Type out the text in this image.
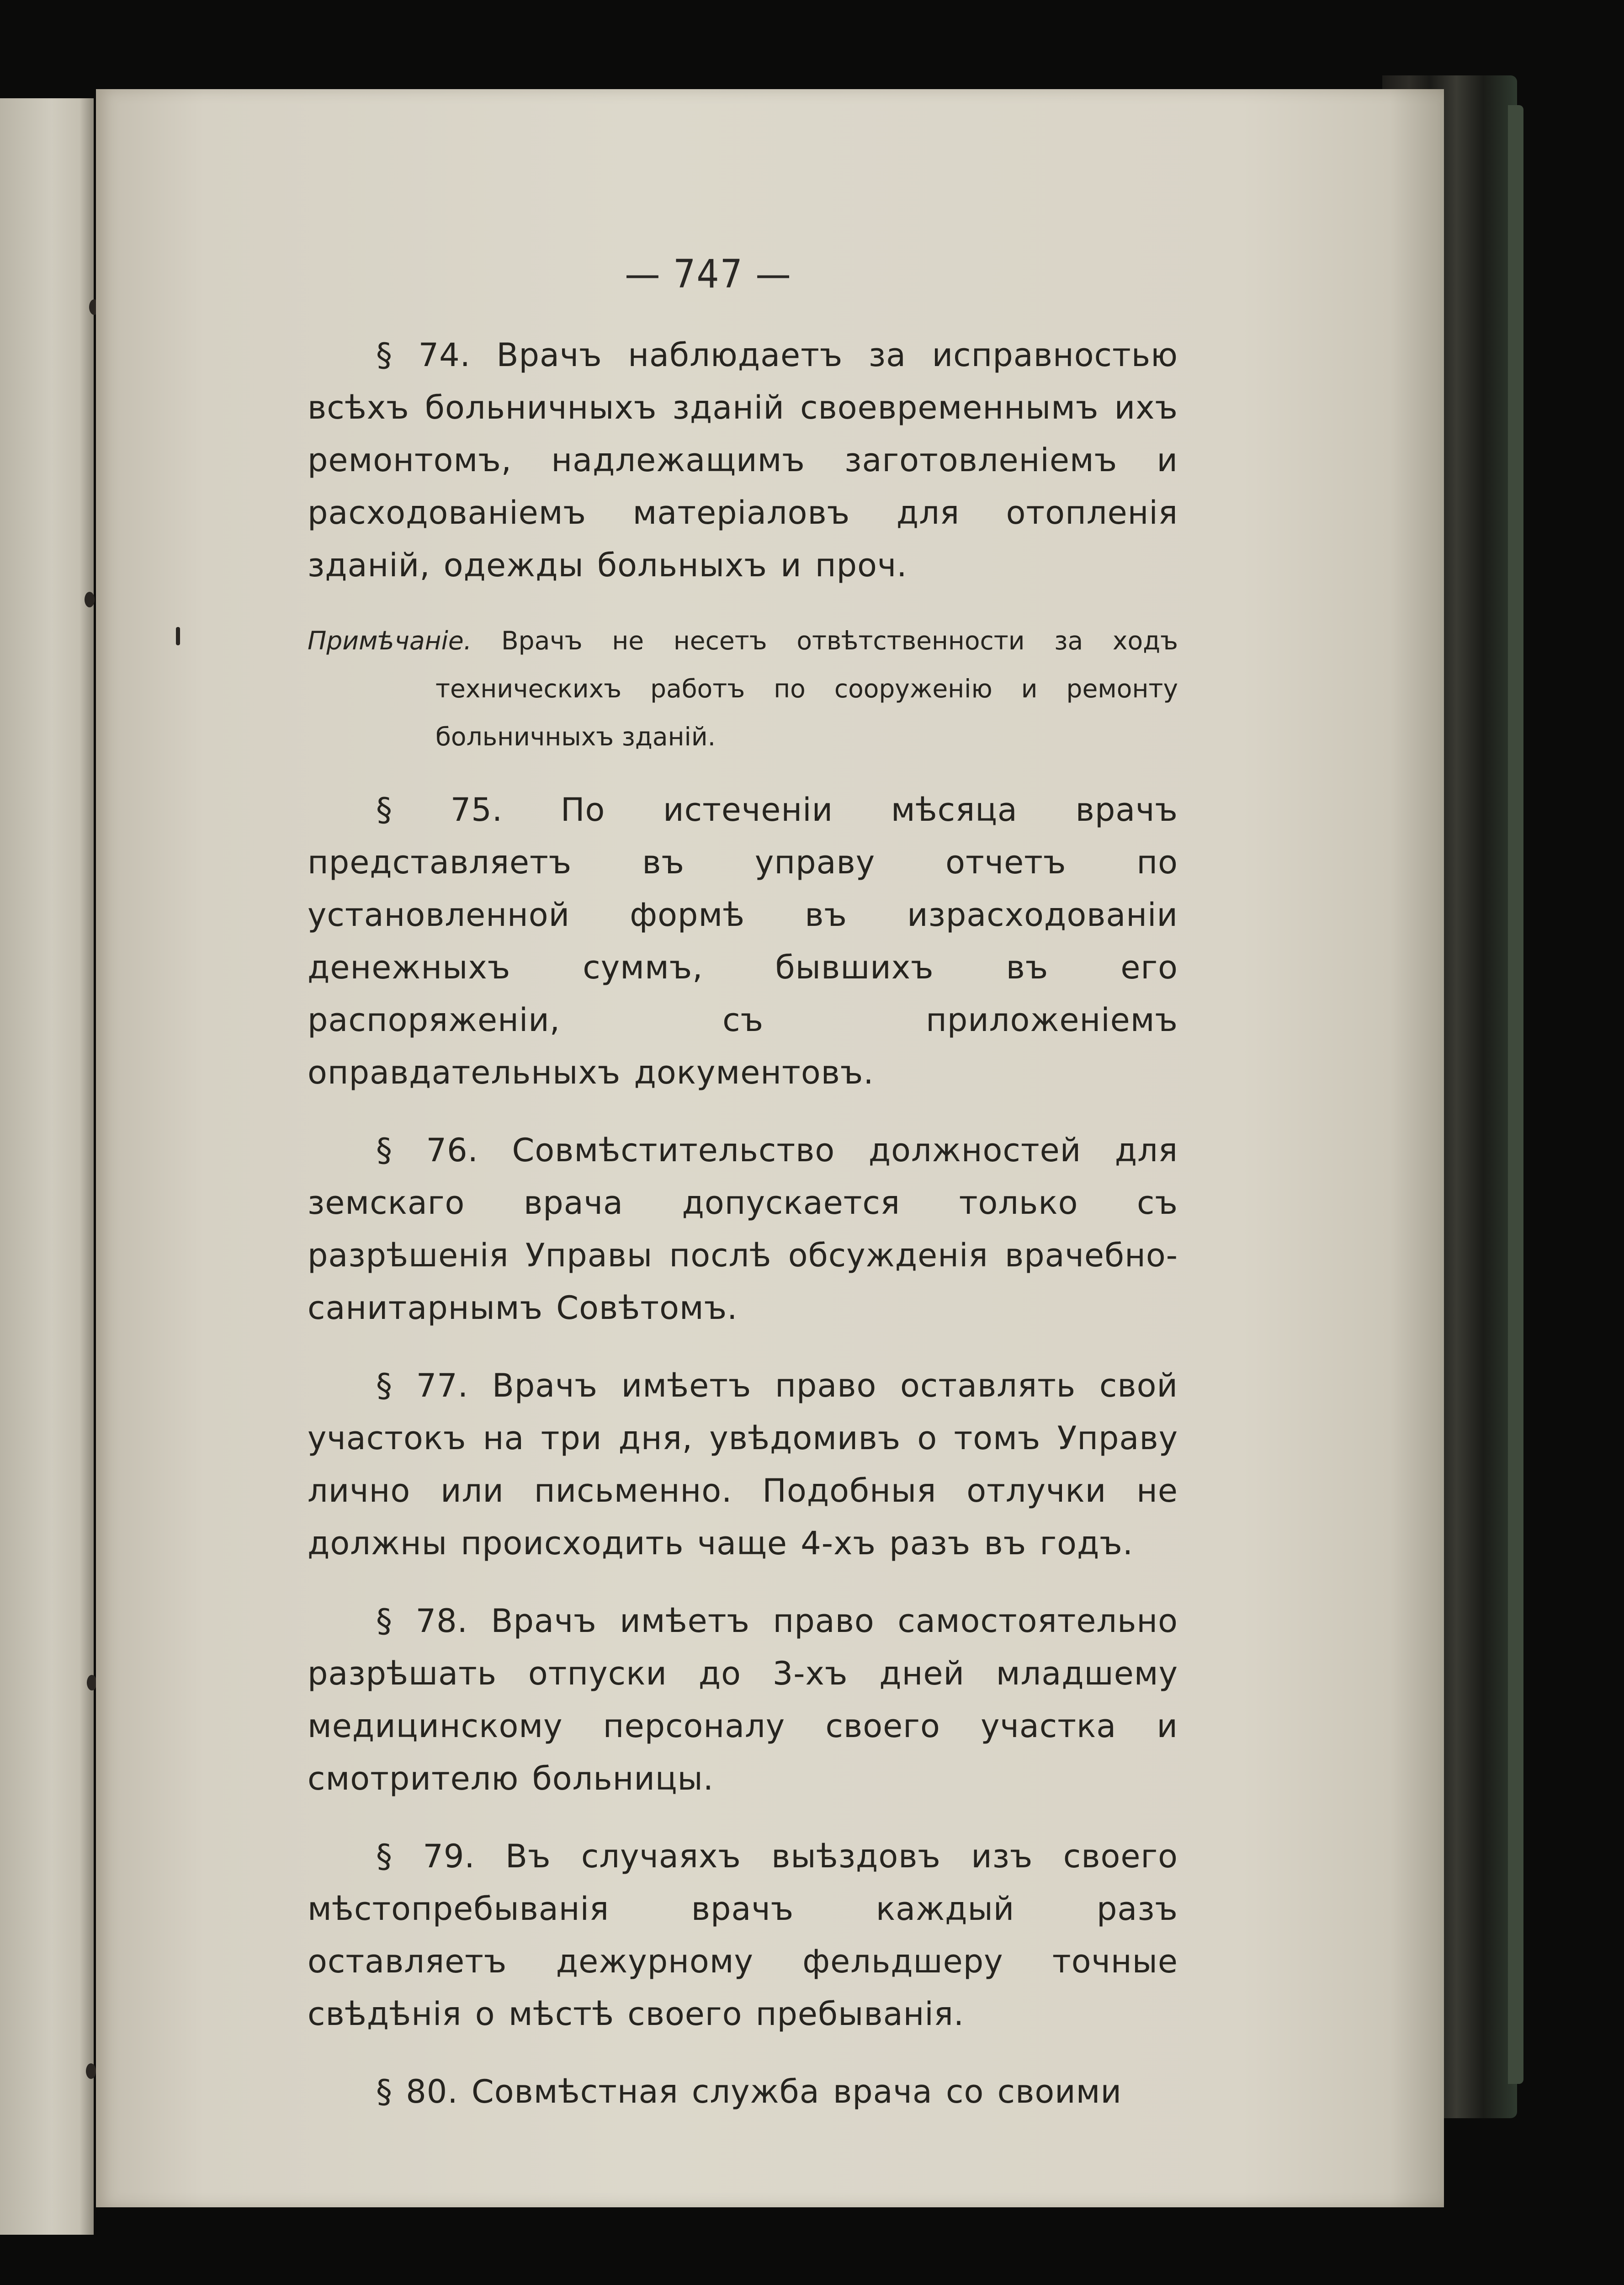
— 747 —

§ 74. Врачъ наблюдаетъ за исправностью всѣхъ больничныхъ зданій своевременнымъ ихъ ремонтомъ, надлежащимъ заготовленіемъ и расходованіемъ матеріаловъ для отопленія зданій, одежды больныхъ и проч.

Примѣчаніе. Врачъ не несетъ отвѣтственности за ходъ техническихъ работъ по сооруженію и ремонту больничныхъ зданій.

§ 75. По истеченіи мѣсяца врачъ представляетъ въ управу отчетъ по установленной формѣ въ израсходованіи денежныхъ суммъ, бывшихъ въ его распоряженіи, съ приложеніемъ оправдательныхъ документовъ.

§ 76. Совмѣстительство должностей для земскаго врача допускается только съ разрѣшенія Управы послѣ обсужденія врачебно-санитарнымъ Совѣтомъ.

§ 77. Врачъ имѣетъ право оставлять свой участокъ на три дня, увѣдомивъ о томъ Управу лично или письменно. Подобныя отлучки не должны происходить чаще 4-хъ разъ въ годъ.

§ 78. Врачъ имѣетъ право самостоятельно разрѣшать отпуски до 3-хъ дней младшему медицинскому персоналу своего участка и смотрителю больницы.

§ 79. Въ случаяхъ выѣздовъ изъ своего мѣстопребыванія врачъ каждый разъ оставляетъ дежурному фельдшеру точные свѣдѣнія о мѣстѣ своего пребыванія.

§ 80. Совмѣстная служба врача со своими
